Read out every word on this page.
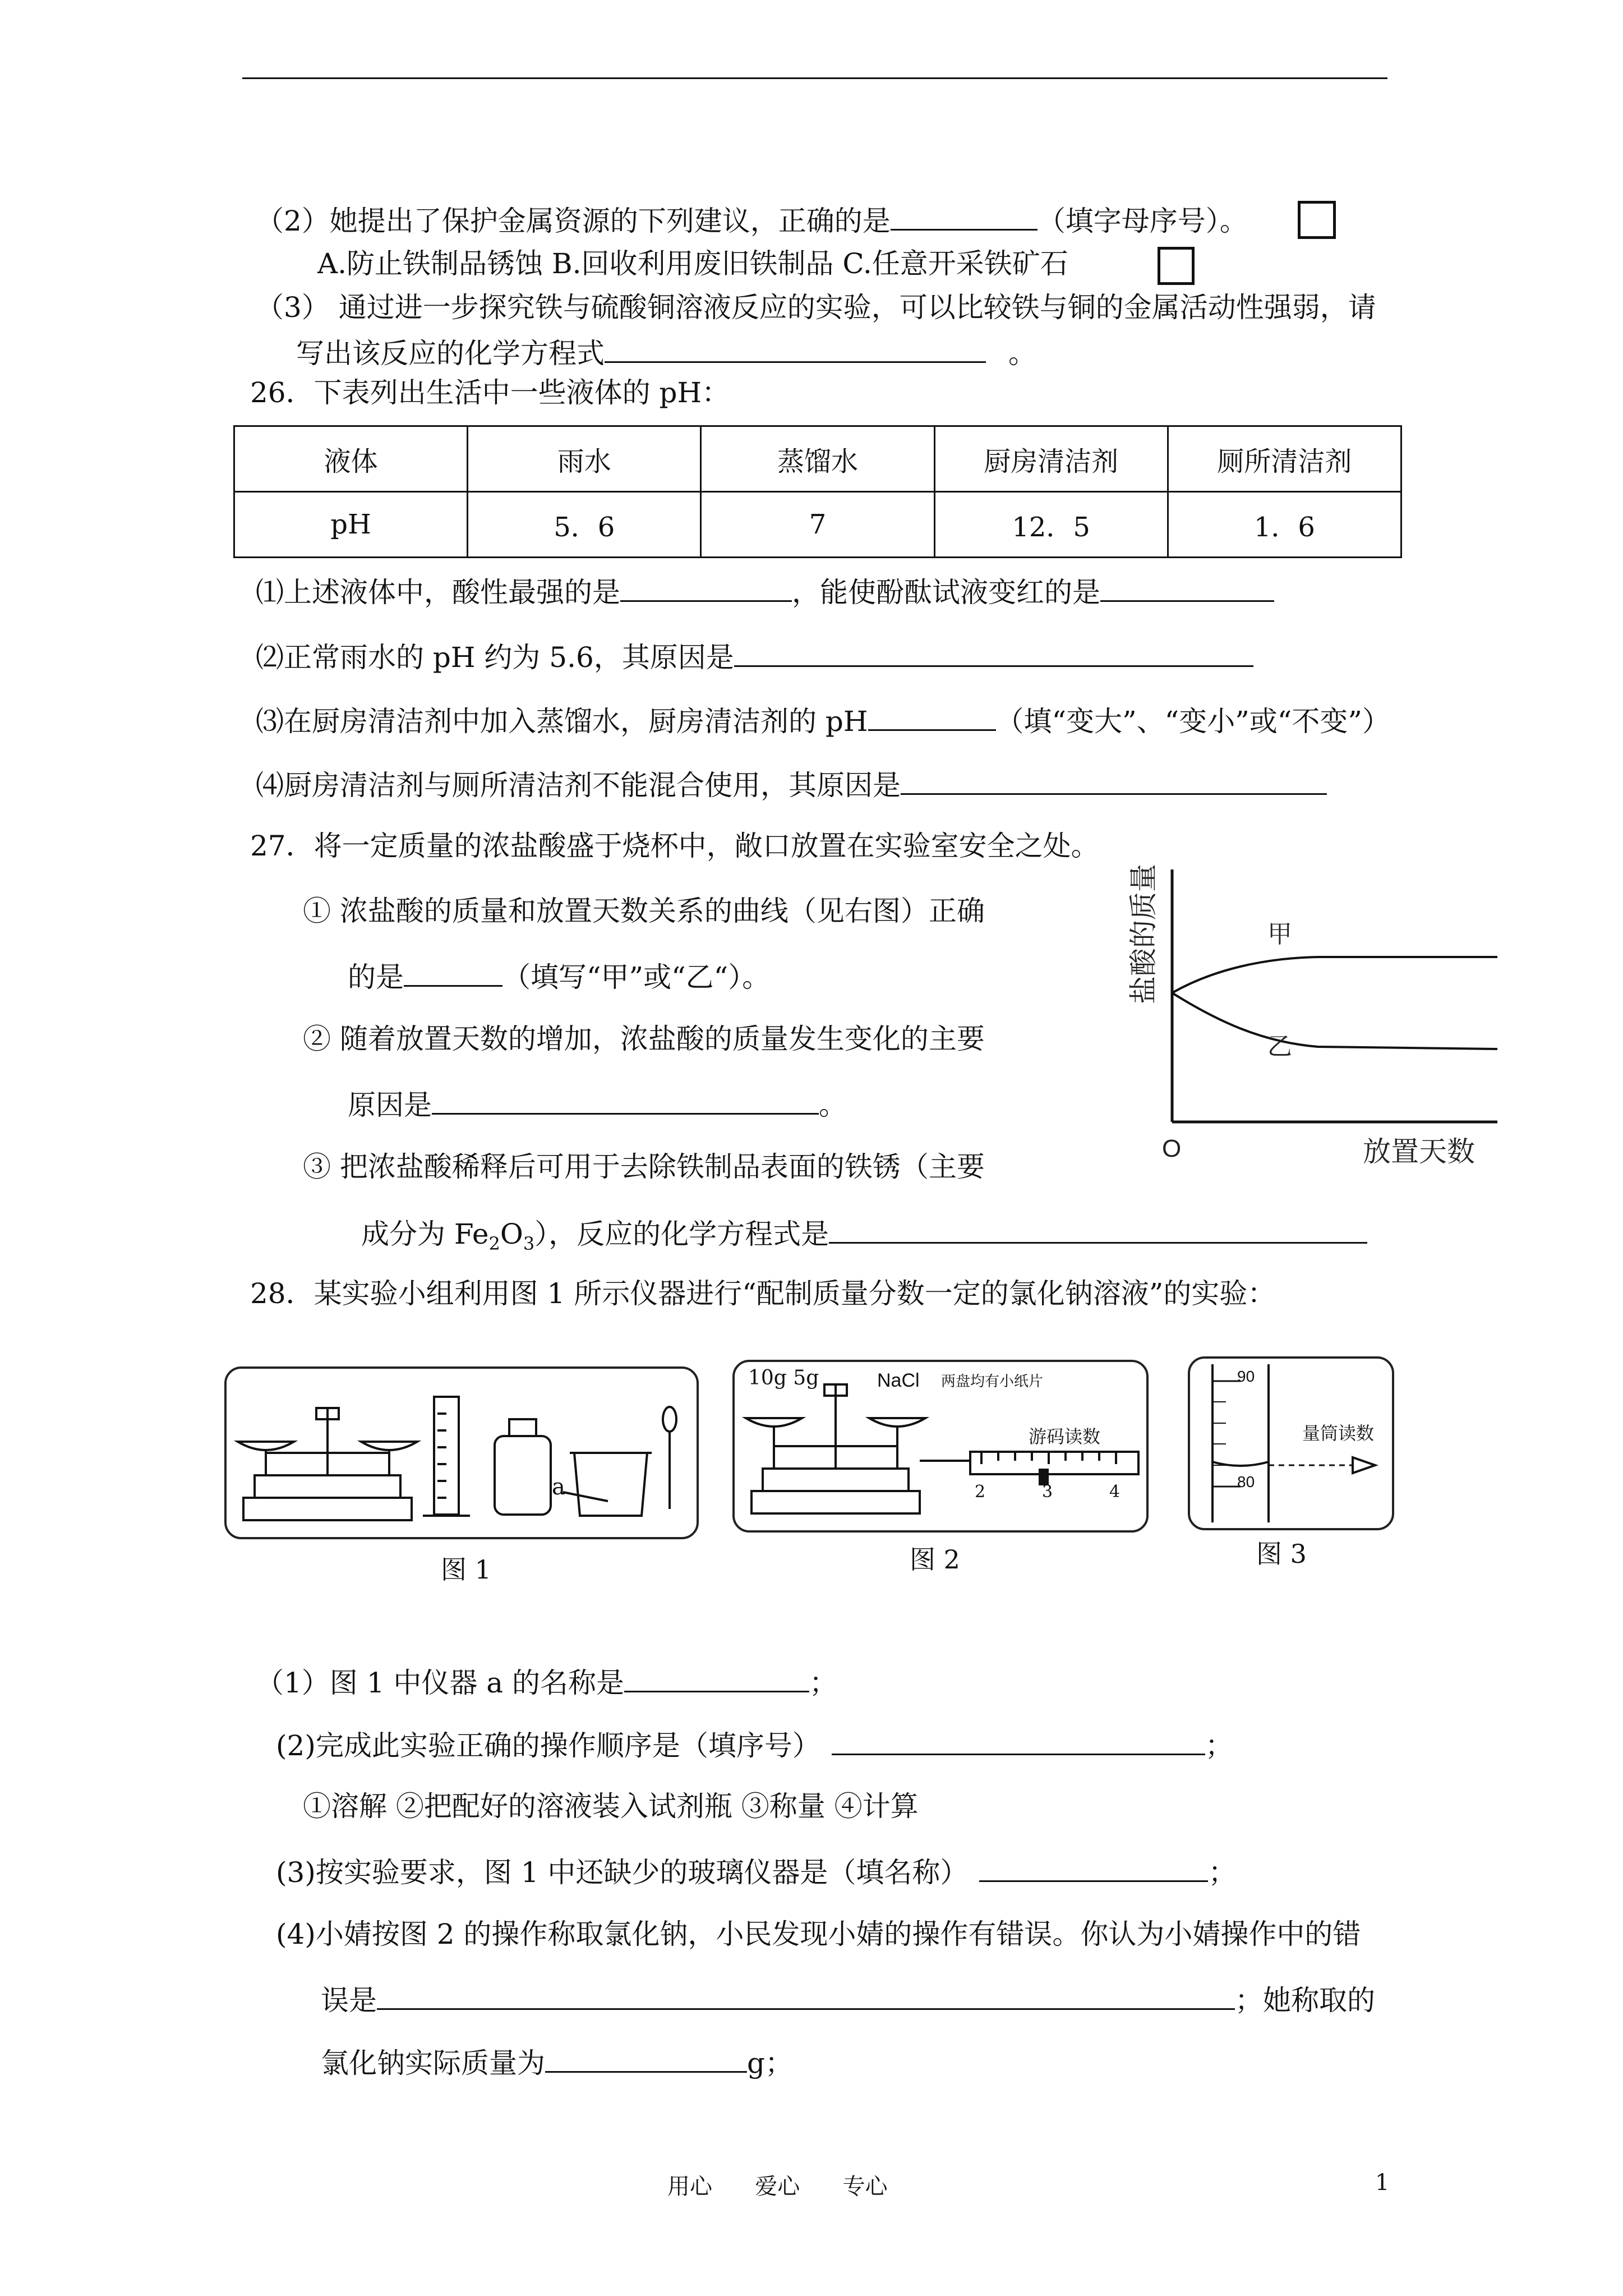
（2）她提出了保护金属资源的下列建议，正确的是	（填字母序号）。
A.防止铁制品锈蚀 B.回收利用废旧铁制品 C.任意开采铁矿石
（3） 通过进一步探究铁与硫酸铜溶液反应的实验，可以比较铁与铜的金属活动性强弱，请
写出该反应的化学方程式	。
26．下表列出生活中一些液体的 pH：
液体	雨水	蒸馏水	厨房清洁剂	厕所清洁剂
pH	5．6	7	12．5	1．6
⑴上述液体中，酸性最强的是	，能使酚酞试液变红的是
⑵正常雨水的 pH 约为 5.6，其原因是
⑶在厨房清洁剂中加入蒸馏水，厨房清洁剂的 pH	（填“变大”、“变小”或“不变”）
⑷厨房清洁剂与厕所清洁剂不能混合使用，其原因是
27．将一定质量的浓盐酸盛于烧杯中，敞口放置在实验室安全之处。
① 浓盐酸的质量和放置天数关系的曲线（见右图）正确
的是	（填写“甲”或“乙“）。
② 随着放置天数的增加，浓盐酸的质量发生变化的主要
原因是	。
③ 把浓盐酸稀释后可用于去除铁制品表面的铁锈（主要
成分为 $Fe_2O_3$），反应的化学方程式是
盐酸的质量
放置天数
O
甲
乙
28．某实验小组利用图 1 所示仪器进行“配制质量分数一定的氯化钠溶液”的实验：
a
图 1
10g 5g	NaCl 两盘均有小纸片
游码读数
2	3	4
图 2
90
80
量筒读数
图 3
（1）图 1 中仪器 a 的名称是	；
(2)完成此实验正确的操作顺序是（填序号）	；
①溶解 ②把配好的溶液装入试剂瓶 ③称量 ④计算
(3)按实验要求，图 1 中还缺少的玻璃仪器是（填名称）	；
(4)小婧按图 2 的操作称取氯化钠，小民发现小婧的操作有错误。你认为小婧操作中的错
误是	；她称取的
氯化钠实际质量为	g；
用心      爱心      专心	1
